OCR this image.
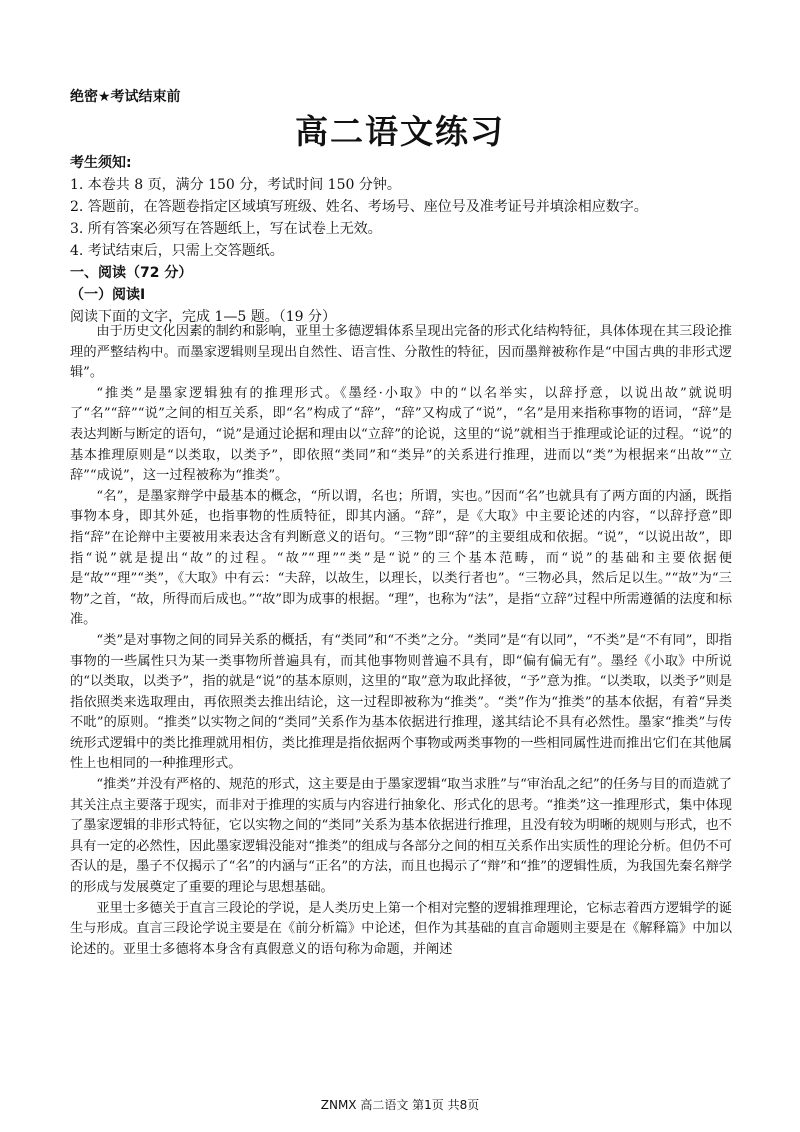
绝密★考试结束前
高二语文练习
考生须知:
1. 本卷共 8 页，满分 150 分，考试时间 150 分钟。
2. 答题前，在答题卷指定区域填写班级、姓名、考场号、座位号及准考证号并填涂相应数字。
3. 所有答案必须写在答题纸上，写在试卷上无效。
4. 考试结束后，只需上交答题纸。
一、阅读（72 分）
（一）阅读Ⅰ
阅读下面的文字，完成 1—5 题。（19 分）

由于历史文化因素的制约和影响，亚里士多德逻辑体系呈现出完备的形式化结构特征，具体体现在其三段论推理的严整结构中。而墨家逻辑则呈现出自然性、语言性、分散性的特征，因而墨辩被称作是“中国古典的非形式逻辑”。

“推类”是墨家逻辑独有的推理形式。《墨经·小取》中的“以名举实，以辞抒意，以说出故”就说明了“名”“辞”“说”之间的相互关系，即“名”构成了“辞”，“辞”又构成了“说”，“名”是用来指称事物的语词，“辞”是表达判断与断定的语句，“说”是通过论据和理由以“立辞”的论说，这里的“说”就相当于推理或论证的过程。“说”的基本推理原则是“以类取，以类予”，即依照“类同”和“类异”的关系进行推理，进而以“类”为根据来“出故”“立辞”“成说”，这一过程被称为“推类”。

“名”，是墨家辩学中最基本的概念，“所以谓，名也；所谓，实也。”因而“名”也就具有了两方面的内涵，既指事物本身，即其外延，也指事物的性质特征，即其内涵。“辞”，是《大取》中主要论述的内容，“以辞抒意”即指“辞”在论辩中主要被用来表达含有判断意义的语句。“三物”即“辞”的主要组成和依据。“说”，“以说出故”，即指“说”就是提出“故”的过程。“故”“理”“类”是“说”的三个基本范畴，而“说”的基础和主要依据便是“故”“理”“类”，《大取》中有云：“夫辞，以故生，以理长，以类行者也”。“三物必具，然后足以生。”“故”为“三物”之首，“故，所得而后成也。”“故”即为成事的根据。“理”，也称为“法”，是指“立辞”过程中所需遵循的法度和标准。

“类”是对事物之间的同异关系的概括，有“类同”和“不类”之分。“类同”是“有以同”，“不类”是“不有同”，即指事物的一些属性只为某一类事物所普遍具有，而其他事物则普遍不具有，即“偏有偏无有”。墨经《小取》中所说的“以类取，以类予”，指的就是“说”的基本原则，这里的“取”意为取此择彼，“予”意为推。“以类取，以类予”则是指依照类来选取理由，再依照类去推出结论，这一过程即被称为“推类”。“类”作为“推类”的基本依据，有着“异类不吡”的原则。“推类”以实物之间的“类同”关系作为基本依据进行推理，遂其结论不具有必然性。墨家“推类”与传统形式逻辑中的类比推理就用相仿，类比推理是指依据两个事物或两类事物的一些相同属性进而推出它们在其他属性上也相同的一种推理形式。

“推类”并没有严格的、规范的形式，这主要是由于墨家逻辑“取当求胜”与“审治乱之纪”的任务与目的而造就了其关注点主要落于现实，而非对于推理的实质与内容进行抽象化、形式化的思考。“推类”这一推理形式，集中体现了墨家逻辑的非形式特征，它以实物之间的“类同”关系为基本依据进行推理，且没有较为明晰的规则与形式，也不具有一定的必然性，因此墨家逻辑没能对“推类”的组成与各部分之间的相互关系作出实质性的理论分析。但仍不可否认的是，墨子不仅揭示了“名”的内涵与“正名”的方法，而且也揭示了“辩”和“推”的逻辑性质，为我国先秦名辩学的形成与发展奠定了重要的理论与思想基础。

亚里士多德关于直言三段论的学说，是人类历史上第一个相对完整的逻辑推理理论，它标志着西方逻辑学的诞生与形成。直言三段论学说主要是在《前分析篇》中论述，但作为其基础的直言命题则主要是在《解释篇》中加以论述的。亚里士多德将本身含有真假意义的语句称为命题，并阐述

ZNMX 高二语文 第1页 共8页
